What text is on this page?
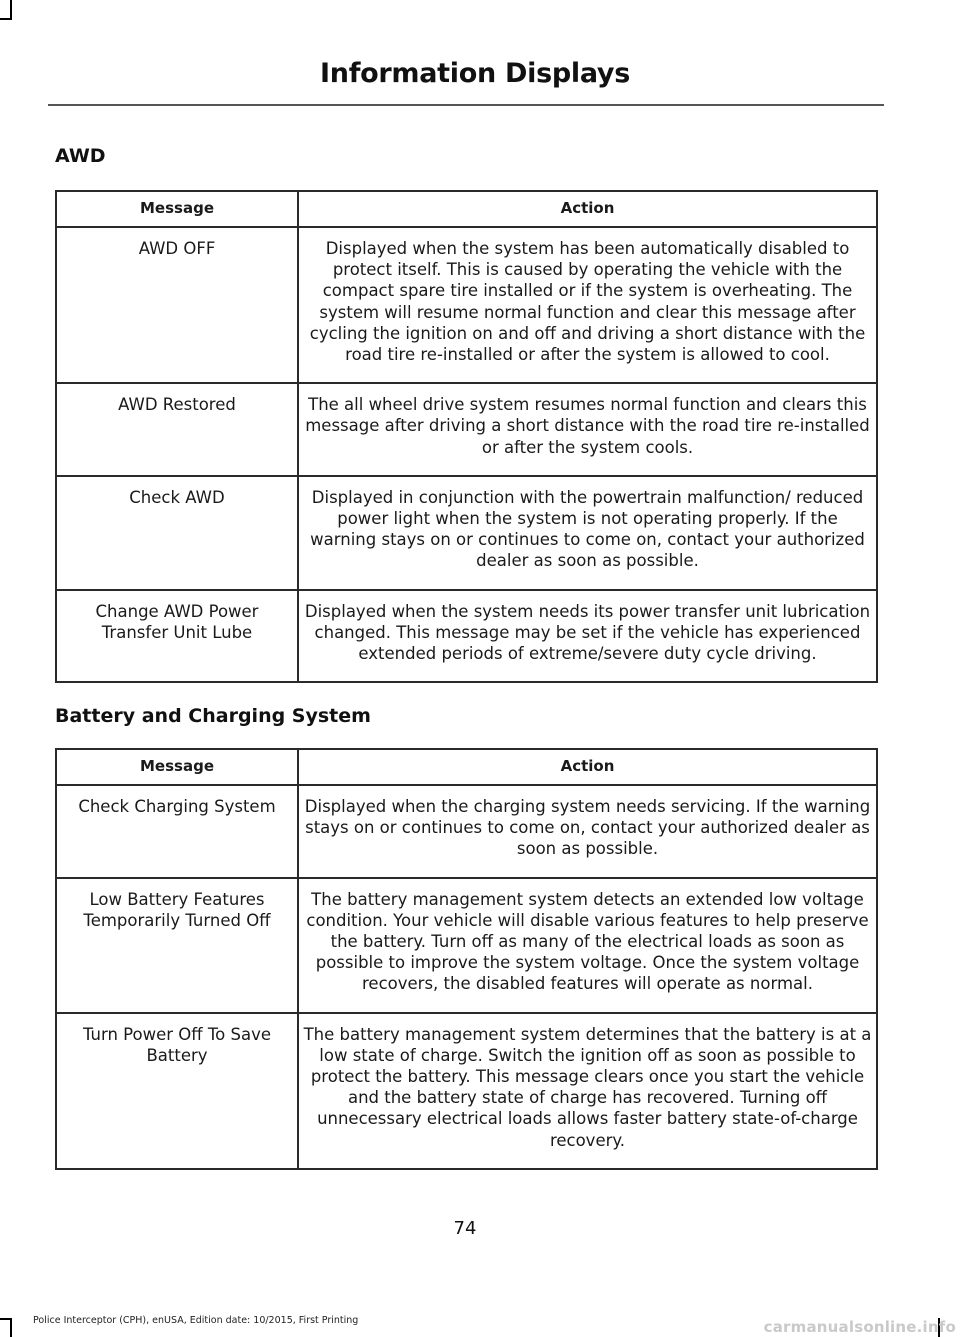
Information Displays
AWD
Message	Action
AWD OFF	Displayed when the system has been automatically disabled to protect itself. This is caused by operating the vehicle with the compact spare tire installed or if the system is overheating. The system will resume normal function and clear this message after cycling the ignition on and off and driving a short distance with the road tire re-installed or after the system is allowed to cool.
AWD Restored	The all wheel drive system resumes normal function and clears this message after driving a short distance with the road tire re-installed or after the system cools.
Check AWD	Displayed in conjunction with the powertrain malfunction/ reduced power light when the system is not operating properly. If the warning stays on or continues to come on, contact your authorized dealer as soon as possible.
Change AWD Power Transfer Unit Lube	Displayed when the system needs its power transfer unit lubrication changed. This message may be set if the vehicle has experienced extended periods of extreme/severe duty cycle driving.
Battery and Charging System
Message	Action
Check Charging System	Displayed when the charging system needs servicing. If the warning stays on or continues to come on, contact your authorized dealer as soon as possible.
Low Battery Features Temporarily Turned Off	The battery management system detects an extended low voltage condition. Your vehicle will disable various features to help preserve the battery. Turn off as many of the electrical loads as soon as possible to improve the system voltage. Once the system voltage recovers, the disabled features will operate as normal.
Turn Power Off To Save Battery	The battery management system determines that the battery is at a low state of charge. Switch the ignition off as soon as possible to protect the battery. This message clears once you start the vehicle and the battery state of charge has recovered. Turning off unnecessary electrical loads allows faster battery state-of-charge recovery.
74
Police Interceptor (CPH), enUSA, Edition date: 10/2015, First Printing	carmanualsonline.info
